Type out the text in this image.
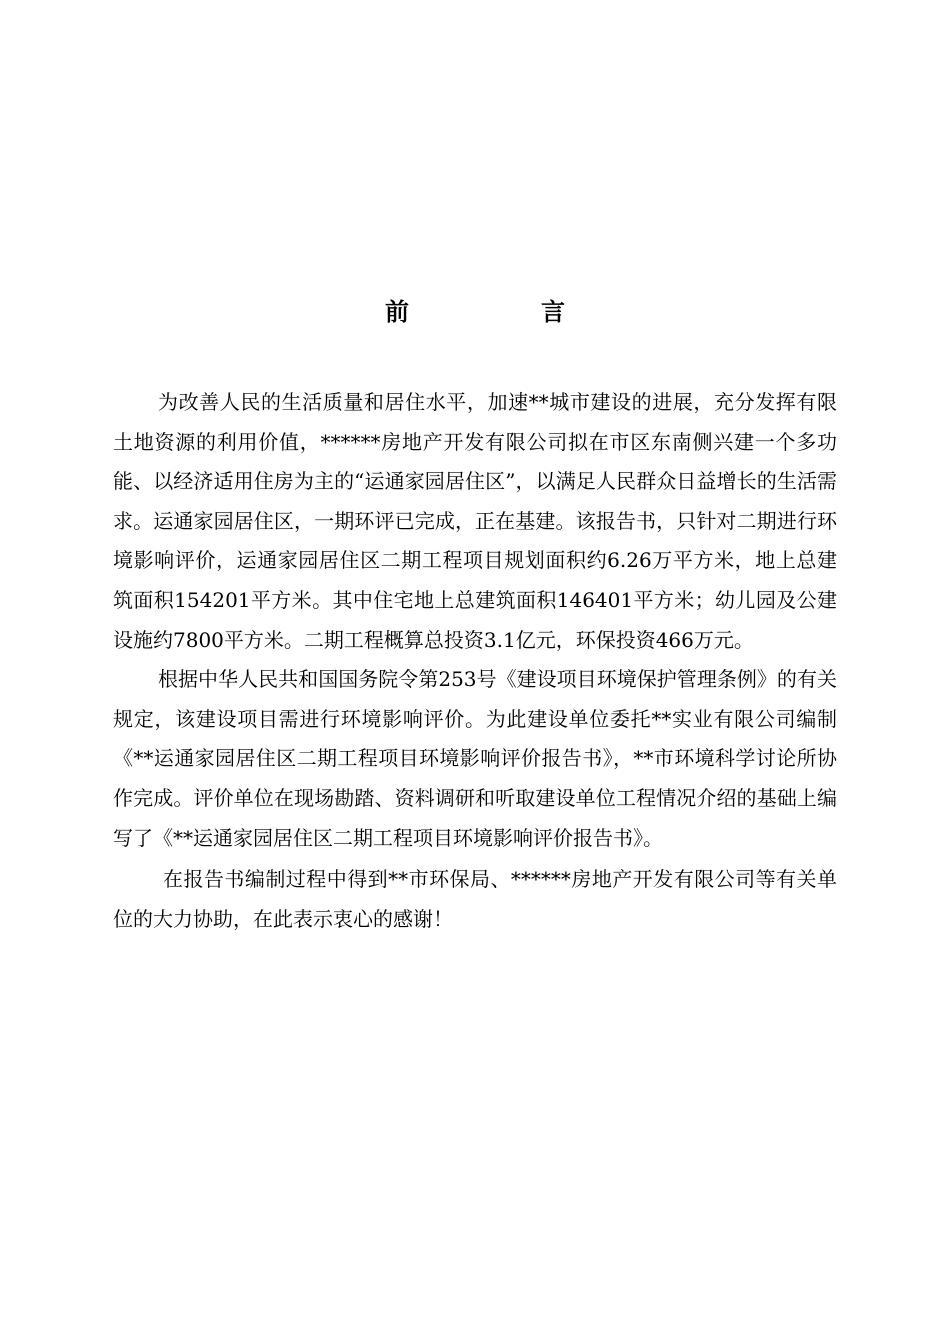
前　言

为改善人民的生活质量和居住水平，加速**城市建设的进展，充分发挥有限土地资源的利用价值，******房地产开发有限公司拟在市区东南侧兴建一个多功能、以经济适用住房为主的“运通家园居住区”，以满足人民群众日益增长的生活需求。运通家园居住区，一期环评已完成，正在基建。该报告书，只针对二期进行环境影响评价，运通家园居住区二期工程项目规划面积约6.26万平方米，地上总建筑面积154201平方米。其中住宅地上总建筑面积146401平方米；幼儿园及公建设施约7800平方米。二期工程概算总投资3.1亿元，环保投资466万元。

根据中华人民共和国国务院令第253号《建设项目环境保护管理条例》的有关规定，该建设项目需进行环境影响评价。为此建设单位委托**实业有限公司编制《**运通家园居住区二期工程项目环境影响评价报告书》，**市环境科学讨论所协作完成。评价单位在现场勘踏、资料调研和听取建设单位工程情况介绍的基础上编写了《**运通家园居住区二期工程项目环境影响评价报告书》。

在报告书编制过程中得到**市环保局、******房地产开发有限公司等有关单位的大力协助，在此表示衷心的感谢！
